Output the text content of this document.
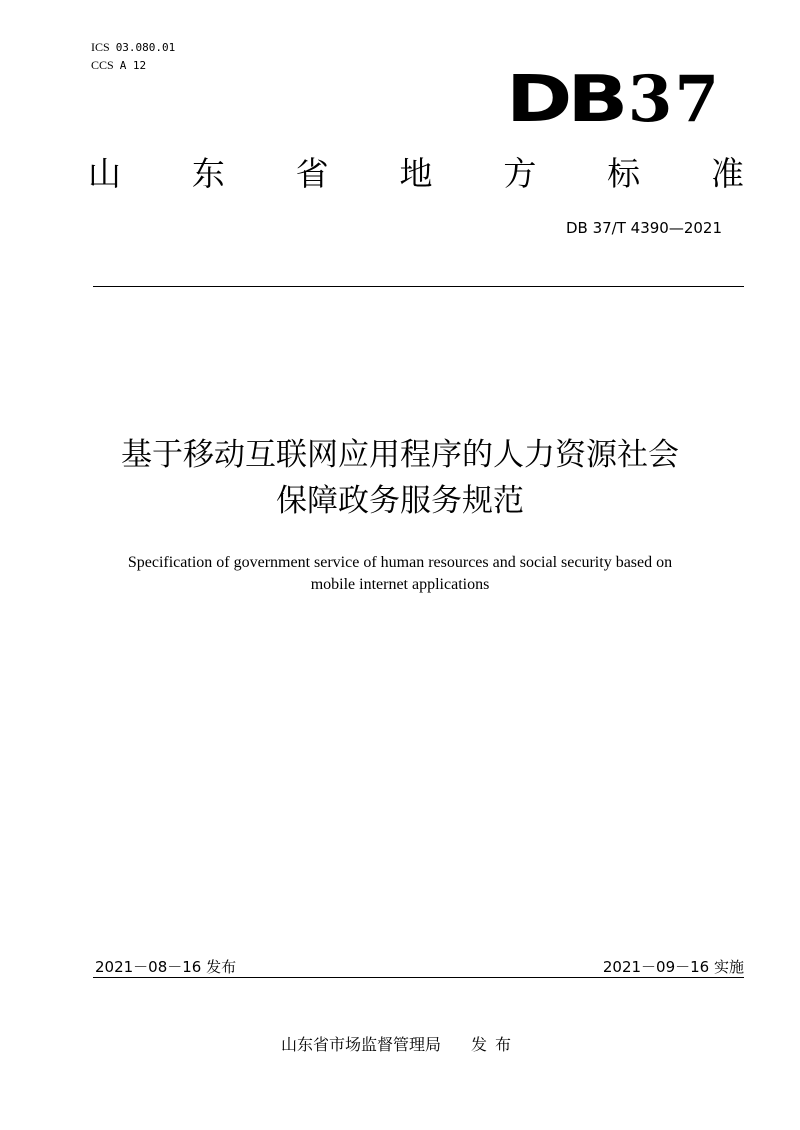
ICS 03.080.01
CCS A 12	DB37
山 东 省 地 方 标 准
DB 37/T 4390—2021
基于移动互联网应用程序的人力资源社会
保障政务服务规范
Specification of government service of human resources and social security based on
mobile internet applications
2021－08－16 发布	2021－09－16 实施
山东省市场监督管理局 发布
